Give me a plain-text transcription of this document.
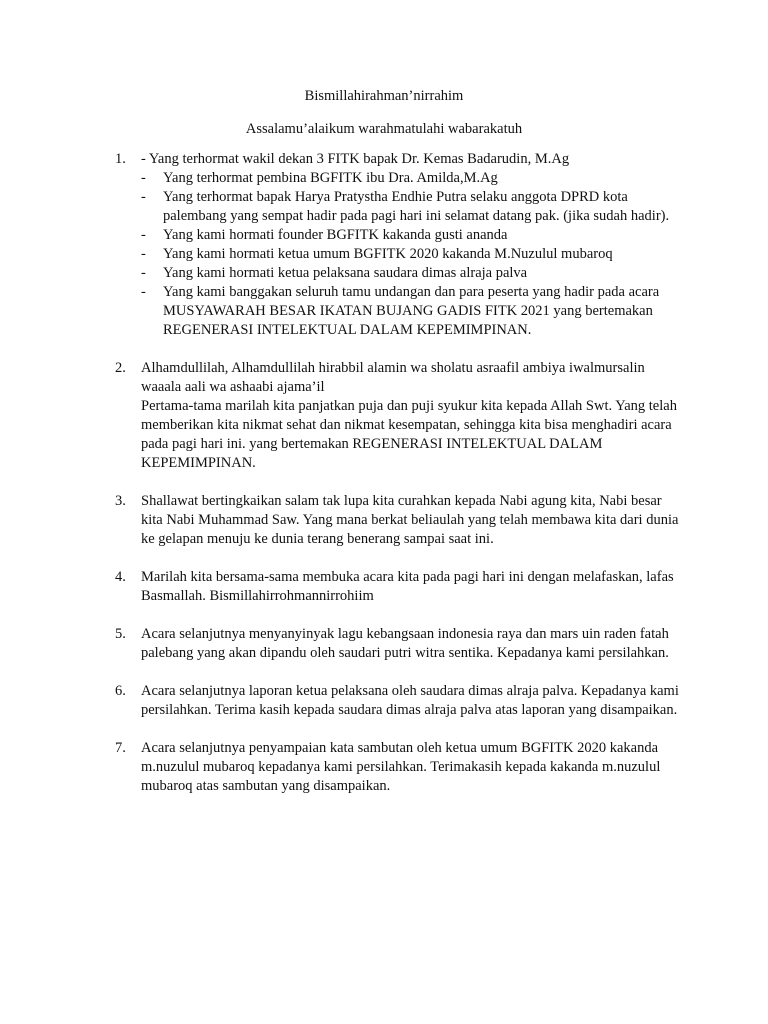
Bismillahirahman’nirrahim
Assalamu’alaikum warahmatulahi wabarakatuh
1. - Yang terhormat wakil dekan 3 FITK bapak Dr. Kemas Badarudin, M.Ag
- Yang terhormat pembina BGFITK ibu Dra. Amilda,M.Ag
- Yang terhormat bapak Harya Pratystha Endhie Putra selaku anggota DPRD kota palembang yang sempat hadir pada pagi hari ini selamat datang pak. (jika sudah hadir).
- Yang kami hormati founder BGFITK kakanda gusti ananda
- Yang kami hormati ketua umum BGFITK 2020 kakanda M.Nuzulul mubaroq
- Yang kami hormati ketua pelaksana saudara dimas alraja palva
- Yang kami banggakan seluruh tamu undangan dan para peserta yang hadir pada acara MUSYAWARAH BESAR IKATAN BUJANG GADIS FITK 2021 yang bertemakan REGENERASI INTELEKTUAL DALAM KEPEMIMPINAN.
2. Alhamdullilah, Alhamdullilah hirabbil alamin wa sholatu asraafil ambiya iwalmursalin waaala aali wa ashaabi ajama’il
Pertama-tama marilah kita panjatkan puja dan puji syukur kita kepada Allah Swt. Yang telah memberikan kita nikmat sehat dan nikmat kesempatan, sehingga kita bisa menghadiri acara pada pagi hari ini. yang bertemakan REGENERASI INTELEKTUAL DALAM KEPEMIMPINAN.
3. Shallawat bertingkaikan salam tak lupa kita curahkan kepada Nabi agung kita, Nabi besar kita Nabi Muhammad Saw. Yang mana berkat beliaulah yang telah membawa kita dari dunia ke gelapan menuju ke dunia terang benerang sampai saat ini.
4. Marilah kita bersama-sama membuka acara kita pada pagi hari ini dengan melafaskan, lafas Basmallah. Bismillahirrohmannirrohiim
5. Acara selanjutnya menyanyinyak lagu kebangsaan indonesia raya dan mars uin raden fatah palebang yang akan dipandu oleh saudari putri witra sentika. Kepadanya kami persilahkan.
6. Acara selanjutnya laporan ketua pelaksana oleh saudara dimas alraja palva. Kepadanya kami persilahkan. Terima kasih kepada saudara dimas alraja palva atas laporan yang disampaikan.
7. Acara selanjutnya penyampaian kata sambutan oleh ketua umum BGFITK 2020 kakanda m.nuzulul mubaroq kepadanya kami persilahkan. Terimakasih kepada kakanda m.nuzulul mubaroq atas sambutan yang disampaikan.
